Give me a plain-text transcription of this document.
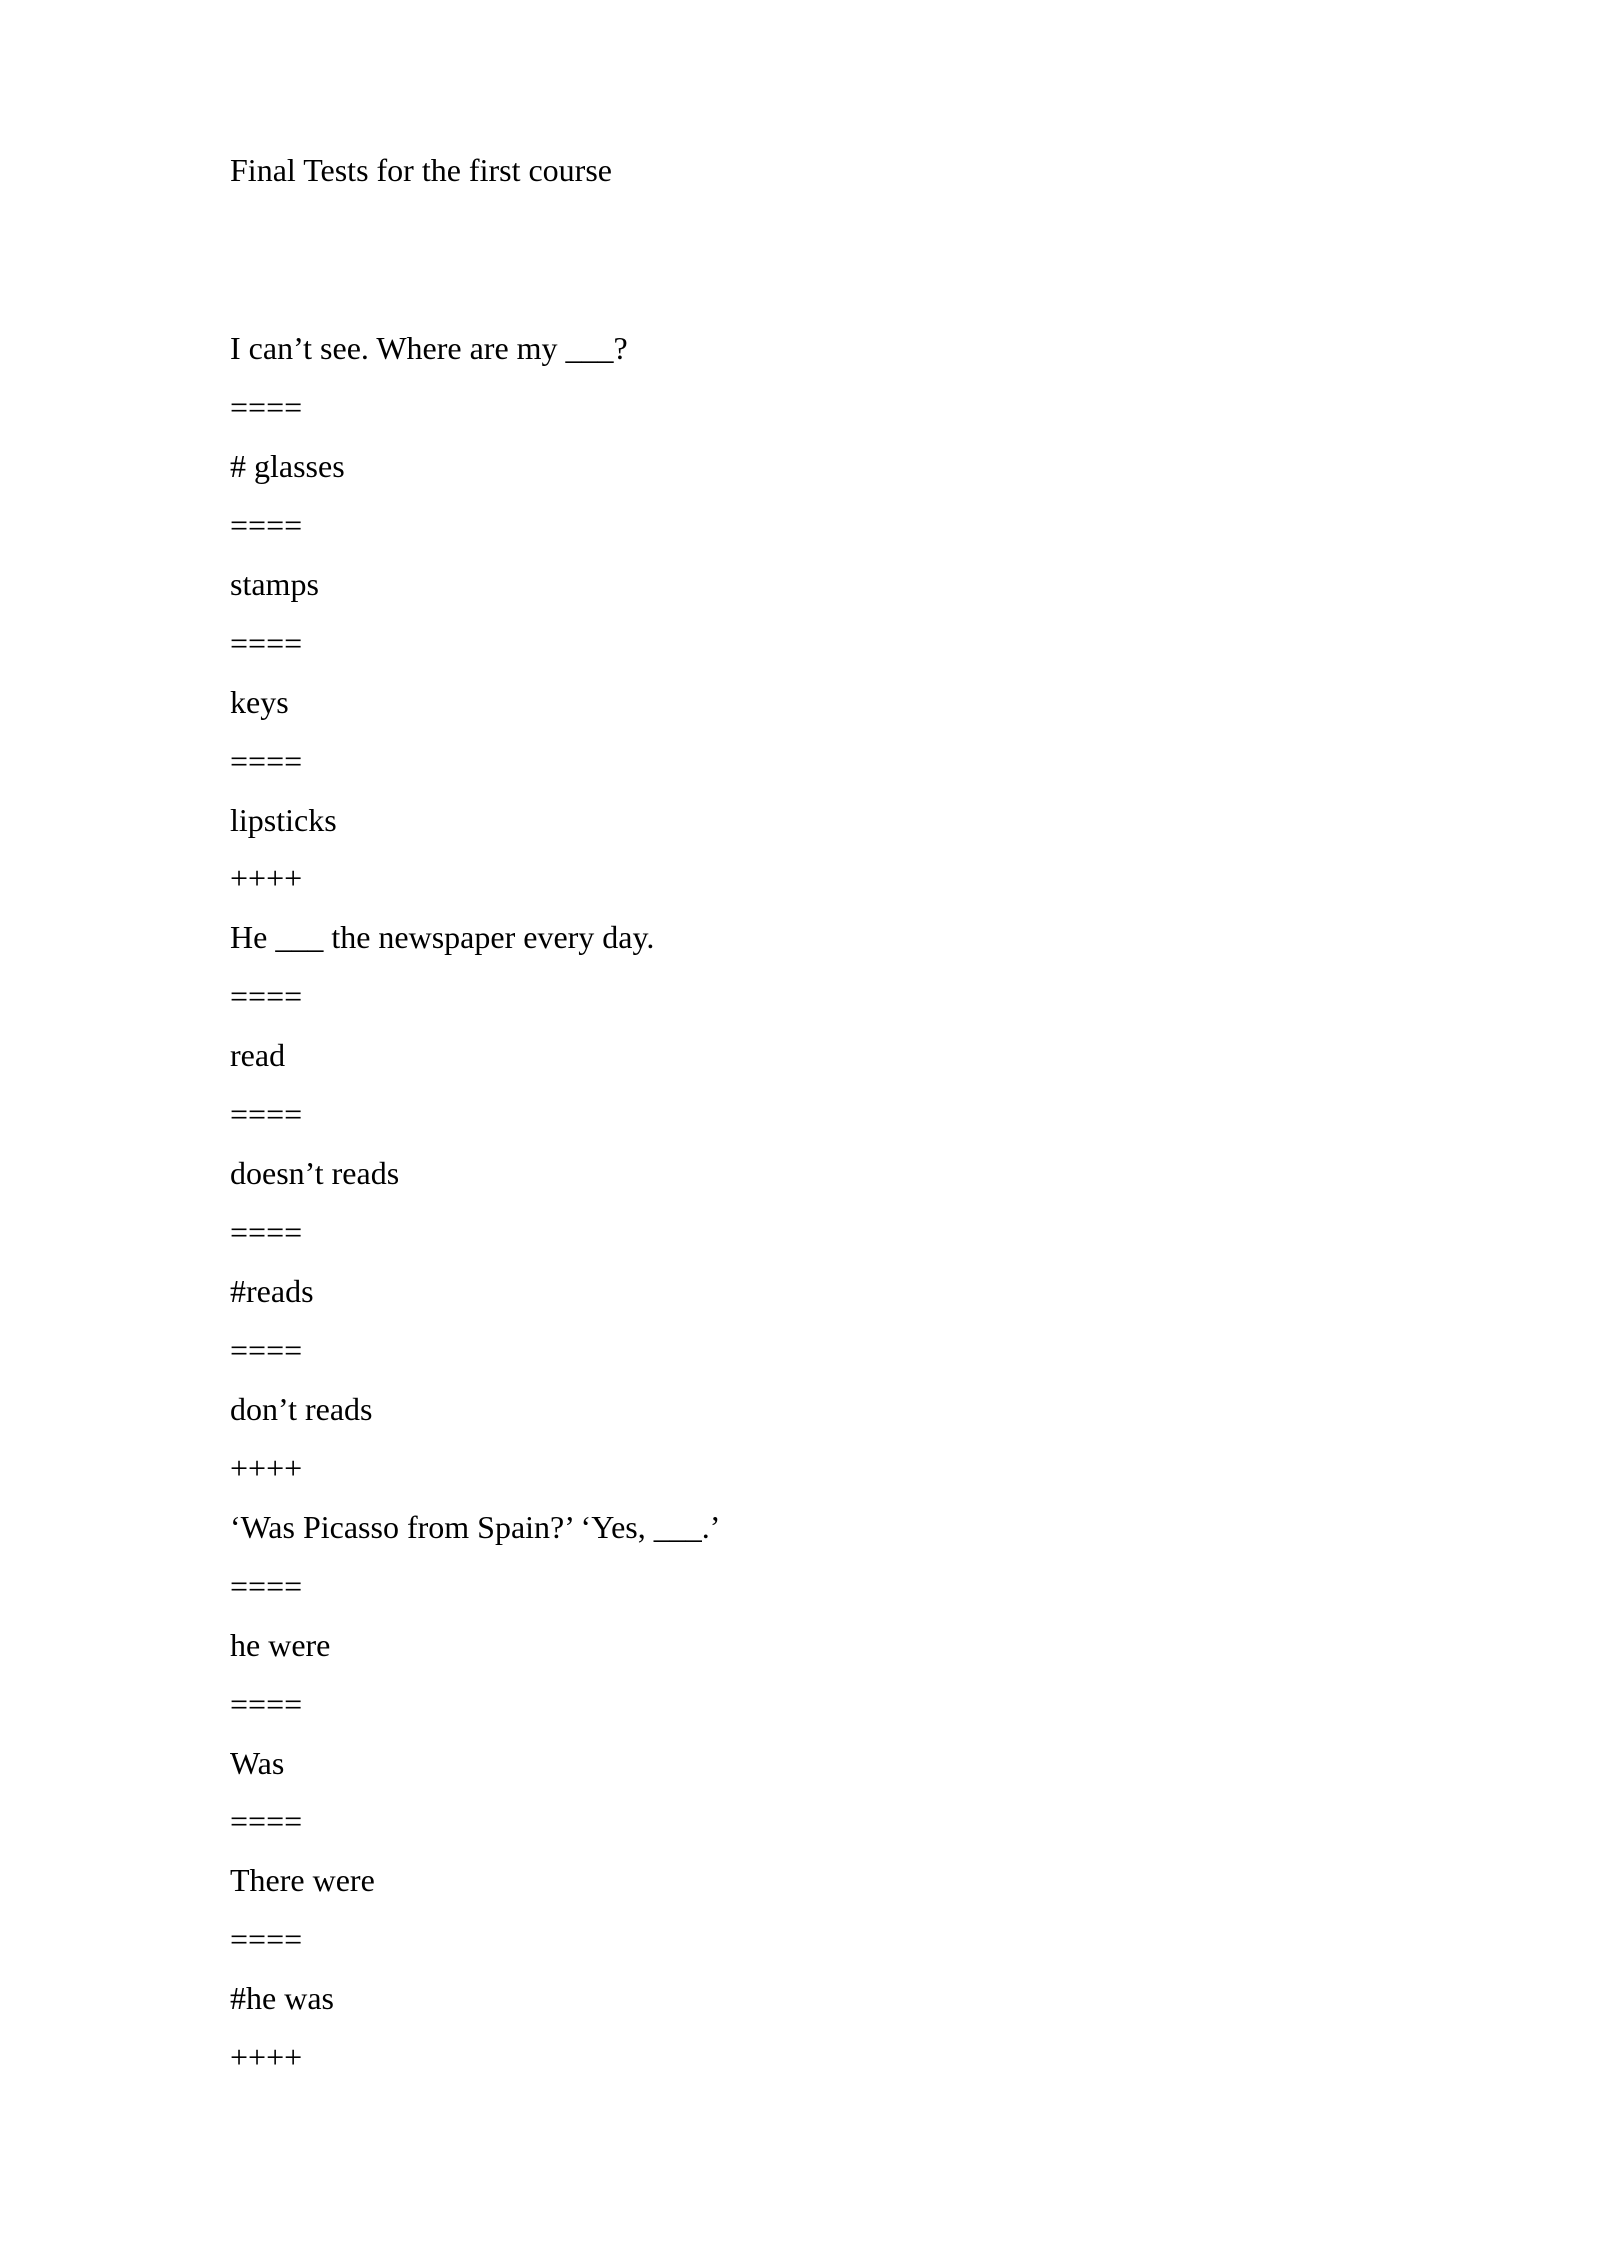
Final Tests for the first course
I can’t see. Where are my ___?
====
# glasses
====
stamps
====
keys
====
lipsticks
++++
He ___ the newspaper every day.
====
read
====
doesn’t reads
====
#reads
====
don’t reads
++++
‘Was Picasso from Spain?’ ‘Yes, ___.’
====
he were
====
Was
====
There were
====
#he was
++++
